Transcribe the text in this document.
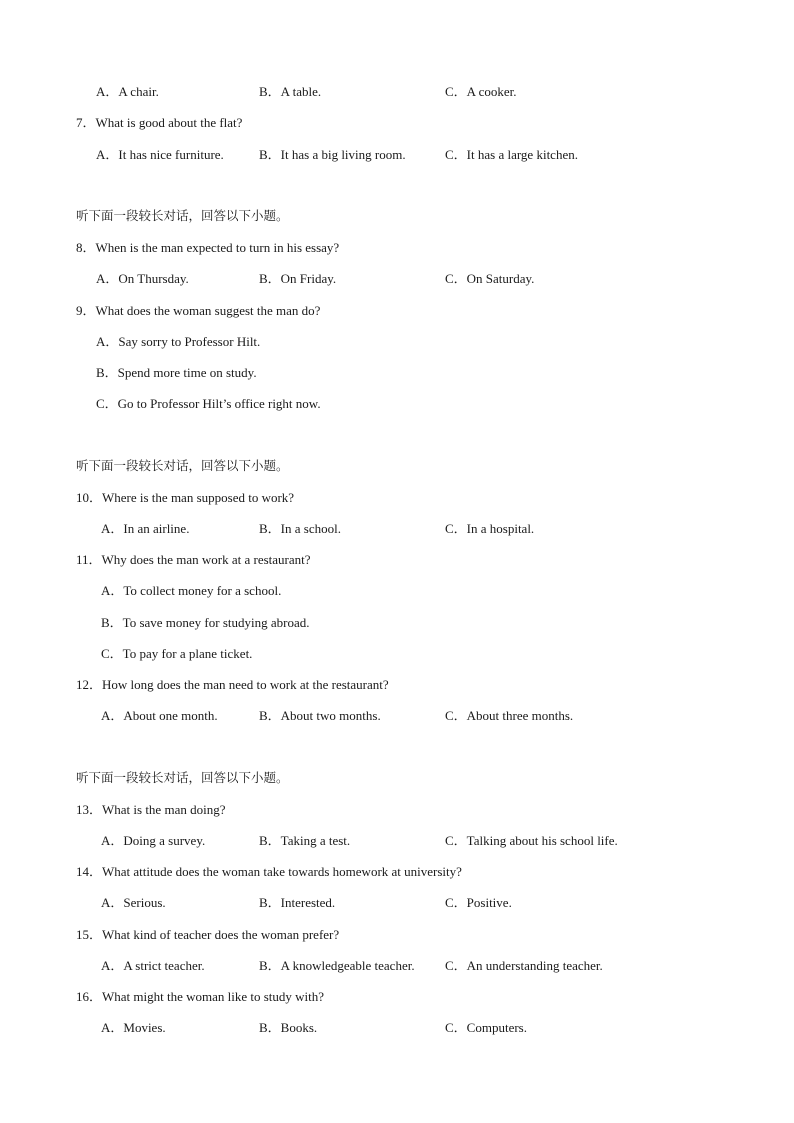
A．A chair.	B．A table.	C．A cooker.
7．What is good about the flat?
A．It has nice furniture.	B．It has a big living room.	C．It has a large kitchen.
听下面一段较长对话，回答以下小题。
8．When is the man expected to turn in his essay?
A．On Thursday.	B．On Friday.	C．On Saturday.
9．What does the woman suggest the man do?
A．Say sorry to Professor Hilt.
B．Spend more time on study.
C．Go to Professor Hilt’s office right now.
听下面一段较长对话，回答以下小题。
10．Where is the man supposed to work?
A．In an airline.	B．In a school.	C．In a hospital.
11．Why does the man work at a restaurant?
A．To collect money for a school.
B．To save money for studying abroad.
C．To pay for a plane ticket.
12．How long does the man need to work at the restaurant?
A．About one month.	B．About two months.	C．About three months.
听下面一段较长对话，回答以下小题。
13．What is the man doing?
A．Doing a survey.	B．Taking a test.	C．Talking about his school life.
14．What attitude does the woman take towards homework at university?
A．Serious.	B．Interested.	C．Positive.
15．What kind of teacher does the woman prefer?
A．A strict teacher.	B．A knowledgeable teacher. C．An understanding teacher.
16．What might the woman like to study with?
A．Movies.	B．Books.	C．Computers.
